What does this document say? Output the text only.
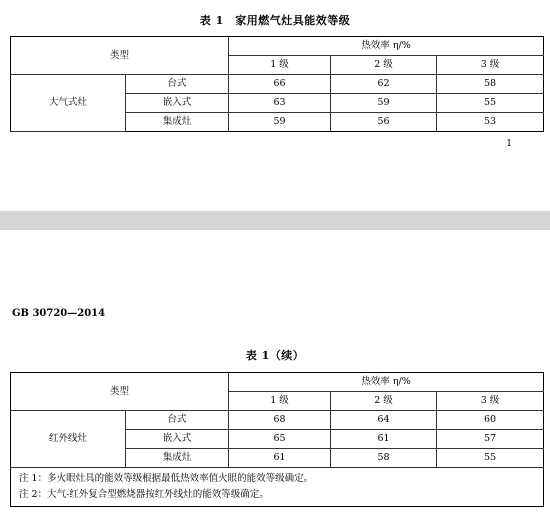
表 1　家用燃气灶具能效等级
类型		热效率 η/%		
		1 级	2 级	3 级
大气式灶	台式	66	62	58
	嵌入式	63	59	55
	集成灶	59	56	53
1
GB 30720—2014
表 1（续）
类型		热效率 η/%		
		1 级	2 级	3 级
红外线灶	台式	68	64	60
	嵌入式	65	61	57
	集成灶	61	58	55

注 1：多火眼灶具的能效等级根据最低热效率值火眼的能效等级确定。
注 2：大气-红外复合型燃烧器按红外线灶的能效等级确定。				
